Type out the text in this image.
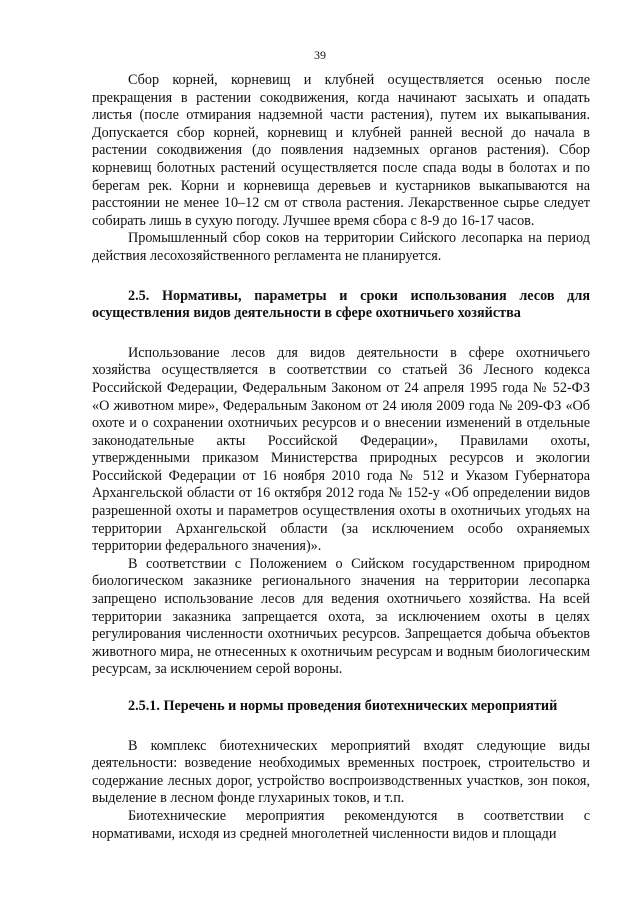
39

Сбор корней, корневищ и клубней осуществляется осенью после прекращения в растении сокодвижения, когда начинают засыхать и опадать листья (после отмирания надземной части растения), путем их выкапывания. Допускается сбор корней, корневищ и клубней ранней весной до начала в растении сокодвижения (до появления надземных органов растения). Сбор корневищ болотных растений осуществляется после спада воды в болотах и по берегам рек. Корни и корневища деревьев и кустарников выкапываются на расстоянии не менее 10–12 см от ствола растения. Лекарственное сырье следует собирать лишь в сухую погоду. Лучшее время сбора с 8-9 до 16-17 часов.

Промышленный сбор соков на территории Сийского лесопарка на период действия лесохозяйственного регламента не планируется.

2.5. Нормативы, параметры и сроки использования лесов для осуществления видов деятельности в сфере охотничьего хозяйства

Использование лесов для видов деятельности в сфере охотничьего хозяйства осуществляется в соответствии со статьей 36 Лесного кодекса Российской Федерации, Федеральным Законом от 24 апреля 1995 года № 52-ФЗ «О животном мире», Федеральным Законом от 24 июля 2009 года № 209-ФЗ «Об охоте и о сохранении охотничьих ресурсов и о внесении изменений в отдельные законодательные акты Российской Федерации», Правилами охоты, утвержденными приказом Министерства природных ресурсов и экологии Российской Федерации от 16 ноября 2010 года № 512 и Указом Губернатора Архангельской области от 16 октября 2012 года № 152-у «Об определении видов разрешенной охоты и параметров осуществления охоты в охотничьих угодьях на территории Архангельской области (за исключением особо охраняемых территории федерального значения)».

В соответствии с Положением о Сийском государственном природном биологическом заказнике регионального значения на территории лесопарка запрещено использование лесов для ведения охотничьего хозяйства. На всей территории заказника запрещается охота, за исключением охоты в целях регулирования численности охотничьих ресурсов. Запрещается добыча объектов животного мира, не отнесенных к охотничьим ресурсам и водным биологическим ресурсам, за исключением серой вороны.

2.5.1. Перечень и нормы проведения биотехнических мероприятий

В комплекс биотехнических мероприятий входят следующие виды деятельности: возведение необходимых временных построек, строительство и содержание лесных дорог, устройство воспроизводственных участков, зон покоя, выделение в лесном фонде глухариных токов, и т.п.

Биотехнические мероприятия рекомендуются в соответствии с нормативами, исходя из средней многолетней численности видов и площади
